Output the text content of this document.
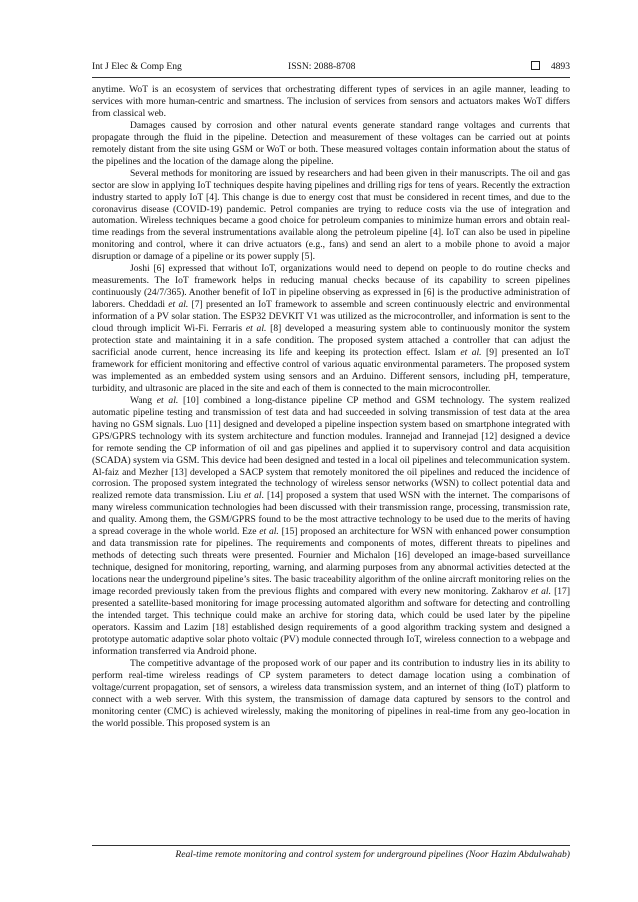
Int J Elec & Comp Eng	ISSN: 2088-8708	4893

anytime. WoT is an ecosystem of services that orchestrating different types of services in an agile manner, leading to services with more human-centric and smartness. The inclusion of services from sensors and actuators makes WoT differs from classical web.

Damages caused by corrosion and other natural events generate standard range voltages and currents that propagate through the fluid in the pipeline. Detection and measurement of these voltages can be carried out at points remotely distant from the site using GSM or WoT or both. These measured voltages contain information about the status of the pipelines and the location of the damage along the pipeline.

Several methods for monitoring are issued by researchers and had been given in their manuscripts. The oil and gas sector are slow in applying IoT techniques despite having pipelines and drilling rigs for tens of years. Recently the extraction industry started to apply IoT [4]. This change is due to energy cost that must be considered in recent times, and due to the coronavirus disease (COVID-19) pandemic. Petrol companies are trying to reduce costs via the use of integration and automation. Wireless techniques became a good choice for petroleum companies to minimize human errors and obtain real-time readings from the several instrumentations available along the petroleum pipeline [4]. IoT can also be used in pipeline monitoring and control, where it can drive actuators (e.g., fans) and send an alert to a mobile phone to avoid a major disruption or damage of a pipeline or its power supply [5].

Joshi [6] expressed that without IoT, organizations would need to depend on people to do routine checks and measurements. The IoT framework helps in reducing manual checks because of its capability to screen pipelines continuously (24/7/365). Another benefit of IoT in pipeline observing as expressed in [6] is the productive administration of laborers. Cheddadi et al. [7] presented an IoT framework to assemble and screen continuously electric and environmental information of a PV solar station. The ESP32 DEVKIT V1 was utilized as the microcontroller, and information is sent to the cloud through implicit Wi-Fi. Ferraris et al. [8] developed a measuring system able to continuously monitor the system protection state and maintaining it in a safe condition. The proposed system attached a controller that can adjust the sacrificial anode current, hence increasing its life and keeping its protection effect. Islam et al. [9] presented an IoT framework for efficient monitoring and effective control of various aquatic environmental parameters. The proposed system was implemented as an embedded system using sensors and an Arduino. Different sensors, including pH, temperature, turbidity, and ultrasonic are placed in the site and each of them is connected to the main microcontroller.

Wang et al. [10] combined a long-distance pipeline CP method and GSM technology. The system realized automatic pipeline testing and transmission of test data and had succeeded in solving transmission of test data at the area having no GSM signals. Luo [11] designed and developed a pipeline inspection system based on smartphone integrated with GPS/GPRS technology with its system architecture and function modules. Irannejad and Irannejad [12] designed a device for remote sending the CP information of oil and gas pipelines and applied it to supervisory control and data acquisition (SCADA) system via GSM. This device had been designed and tested in a local oil pipelines and telecommunication system. Al-faiz and Mezher [13] developed a SACP system that remotely monitored the oil pipelines and reduced the incidence of corrosion. The proposed system integrated the technology of wireless sensor networks (WSN) to collect potential data and realized remote data transmission. Liu et al. [14] proposed a system that used WSN with the internet. The comparisons of many wireless communication technologies had been discussed with their transmission range, processing, transmission rate, and quality. Among them, the GSM/GPRS found to be the most attractive technology to be used due to the merits of having a spread coverage in the whole world. Eze et al. [15] proposed an architecture for WSN with enhanced power consumption and data transmission rate for pipelines. The requirements and components of motes, different threats to pipelines and methods of detecting such threats were presented. Fournier and Michalon [16] developed an image-based surveillance technique, designed for monitoring, reporting, warning, and alarming purposes from any abnormal activities detected at the locations near the underground pipeline’s sites. The basic traceability algorithm of the online aircraft monitoring relies on the image recorded previously taken from the previous flights and compared with every new monitoring. Zakharov et al. [17] presented a satellite-based monitoring for image processing automated algorithm and software for detecting and controlling the intended target. This technique could make an archive for storing data, which could be used later by the pipeline operators. Kassim and Lazim [18] established design requirements of a good algorithm tracking system and designed a prototype automatic adaptive solar photo voltaic (PV) module connected through IoT, wireless connection to a webpage and information transferred via Android phone.

The competitive advantage of the proposed work of our paper and its contribution to industry lies in its ability to perform real-time wireless readings of CP system parameters to detect damage location using a combination of voltage/current propagation, set of sensors, a wireless data transmission system, and an internet of thing (IoT) platform to connect with a web server. With this system, the transmission of damage data captured by sensors to the control and monitoring center (CMC) is achieved wirelessly, making the monitoring of pipelines in real-time from any geo-location in the world possible. This proposed system is an

Real-time remote monitoring and control system for underground pipelines (Noor Hazim Abdulwahab)
